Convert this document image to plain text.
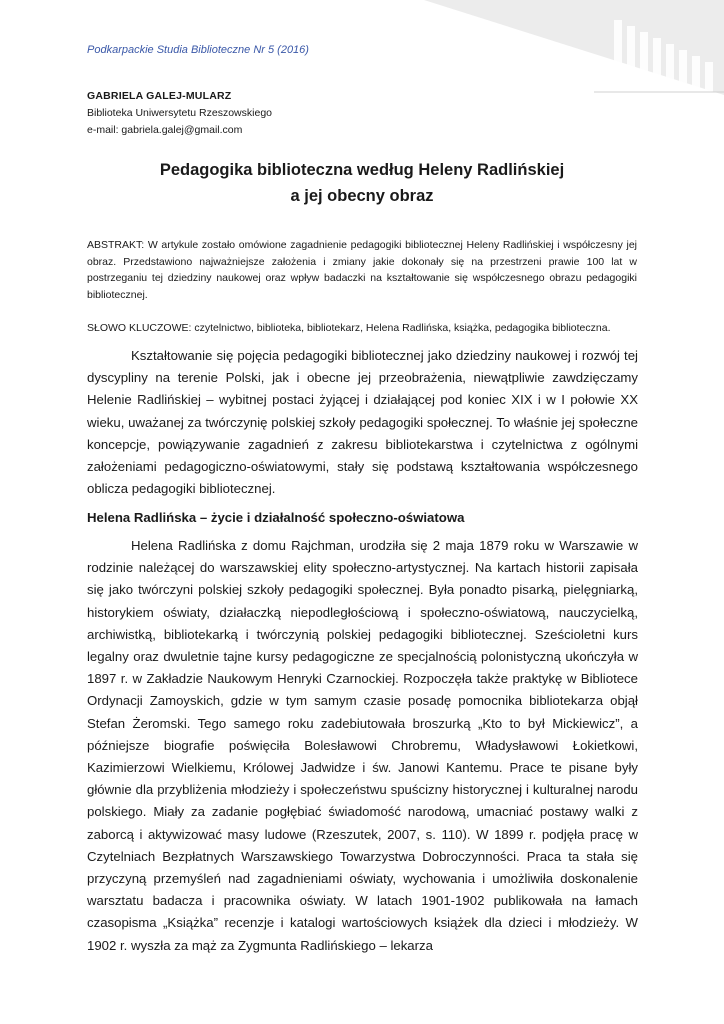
Podkarpackie Studia Biblioteczne Nr 5 (2016)
GABRIELA GALEJ-MULARZ
Biblioteka Uniwersytetu Rzeszowskiego
e-mail: gabriela.galej@gmail.com
Pedagogika biblioteczna według Heleny Radlińskiej
a jej obecny obraz
ABSTRAKT: W artykule zostało omówione zagadnienie pedagogiki bibliotecznej Heleny Radlińskiej i współczesny jej obraz. Przedstawiono najważniejsze założenia i zmiany jakie dokonały się na przestrzeni prawie 100 lat w postrzeganiu tej dziedziny naukowej oraz wpływ badaczki na kształtowanie się współczesnego obrazu pedagogiki bibliotecznej.
SŁOWO KLUCZOWE: czytelnictwo, biblioteka, bibliotekarz, Helena Radlińska, książka, pedagogika biblioteczna.

Kształtowanie się pojęcia pedagogiki bibliotecznej jako dziedziny naukowej i rozwój tej dyscypliny na terenie Polski, jak i obecne jej przeobrażenia, niewątpliwie zawdzięczamy Helenie Radlińskiej – wybitnej postaci żyjącej i działającej pod koniec XIX i w I połowie XX wieku, uważanej za twórczynię polskiej szkoły pedagogiki społecznej. To właśnie jej społeczne koncepcje, powiązywanie zagadnień z zakresu bibliotekarstwa i czytelnictwa z ogólnymi założeniami pedagogiczno-oświatowymi, stały się podstawą kształtowania współczesnego oblicza pedagogiki bibliotecznej.

Helena Radlińska – życie i działalność społeczno-oświatowa

Helena Radlińska z domu Rajchman, urodziła się 2 maja 1879 roku w Warszawie w rodzinie należącej do warszawskiej elity społeczno-artystycznej. Na kartach historii zapisała się jako twórczyni polskiej szkoły pedagogiki społecznej. Była ponadto pisarką, pielęgniarką, historykiem oświaty, działaczką niepodległościową i społeczno-oświatową, nauczycielką, archiwistką, bibliotekarką i twórczynią polskiej pedagogiki bibliotecznej. Sześcioletni kurs legalny oraz dwuletnie tajne kursy pedagogiczne ze specjalnością polonistyczną ukończyła w 1897 r. w Zakładzie Naukowym Henryki Czarnockiej. Rozpoczęła także praktykę w Bibliotece Ordynacji Zamoyskich, gdzie w tym samym czasie posadę pomocnika bibliotekarza objął Stefan Żeromski. Tego samego roku zadebiutowała broszurką „Kto to był Mickiewicz”, a późniejsze biografie poświęciła Bolesławowi Chrobremu, Władysławowi Łokietkowi, Kazimierzowi Wielkiemu, Królowej Jadwidze i św. Janowi Kantemu. Prace te pisane były głównie dla przybliżenia młodzieży i społeczeństwu spuścizny historycznej i kulturalnej narodu polskiego. Miały za zadanie pogłębiać świadomość narodową, umacniać postawy walki z zaborcą i aktywizować masy ludowe (Rzeszutek, 2007, s. 110). W 1899 r. podjęła pracę w Czytelniach Bezpłatnych Warszawskiego Towarzystwa Dobroczynności. Praca ta stała się przyczyną przemyśleń nad zagadnieniami oświaty, wychowania i umożliwiła doskonalenie warsztatu badacza i pracownika oświaty. W latach 1901-1902 publikowała na łamach czasopisma „Książka” recenzje i katalogi wartościowych książek dla dzieci i młodzieży. W 1902 r. wyszła za mąż za Zygmunta Radlińskiego – lekarza
